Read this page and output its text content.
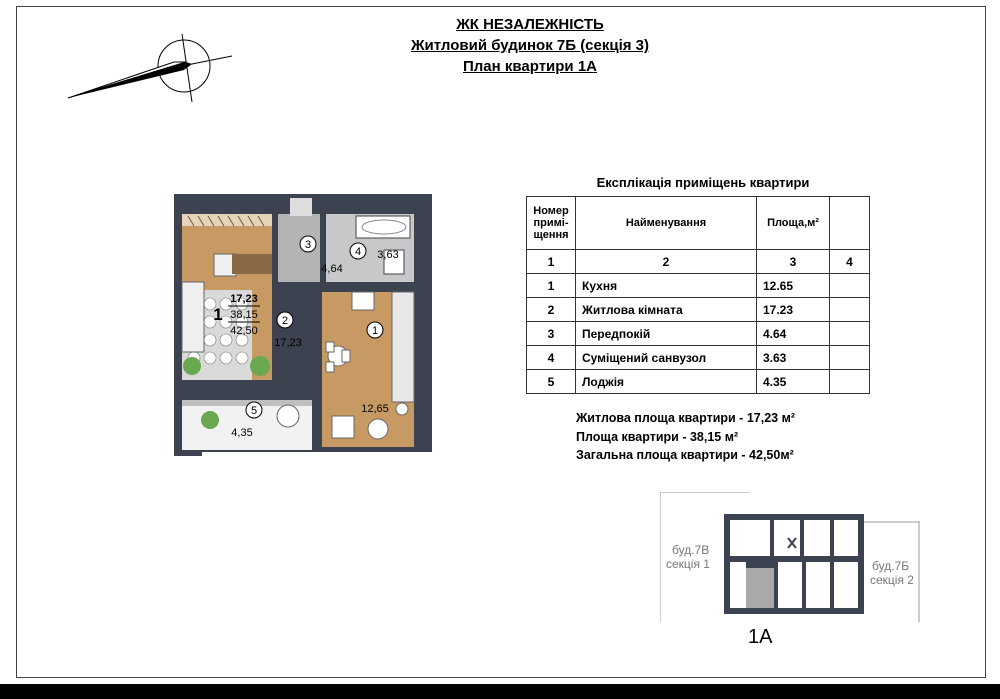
ЖК НЕЗАЛЕЖНІСТЬ
Житловий будинок 7Б (секція 3)
План квартири 1А
1
2
3
4
5	12,65
17,23
4,64
3,63
4,35
1
17,23
38,15
42,50
Експлікація приміщень квартири
Номер примі- щення	Найменування	Площа,м²	
1	2	3	4
1	Кухня	12.65	
2	Житлова кімната	17.23	
3	Передпокій	4.64	
4	Суміщений санвузол	3.63	
5	Лоджія	4.35	
Житлова площа квартири - 17,23 м²
Площа квартири - 38,15 м²
Загальна площа квартири - 42,50м²
буд.7В
секція 1	буд.7Б
секція 2
1А
